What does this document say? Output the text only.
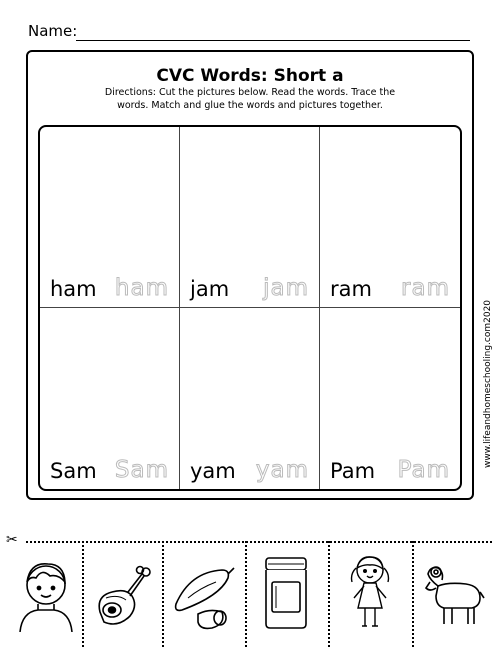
Name:
CVC Words: Short a
Directions: Cut the pictures below. Read the words. Trace the words. Match and glue the words and pictures together.
ham ham jam jam ram ram
Sam Sam yam yam Pam Pam
www.lifeandhomeschooling.com2020
✂
